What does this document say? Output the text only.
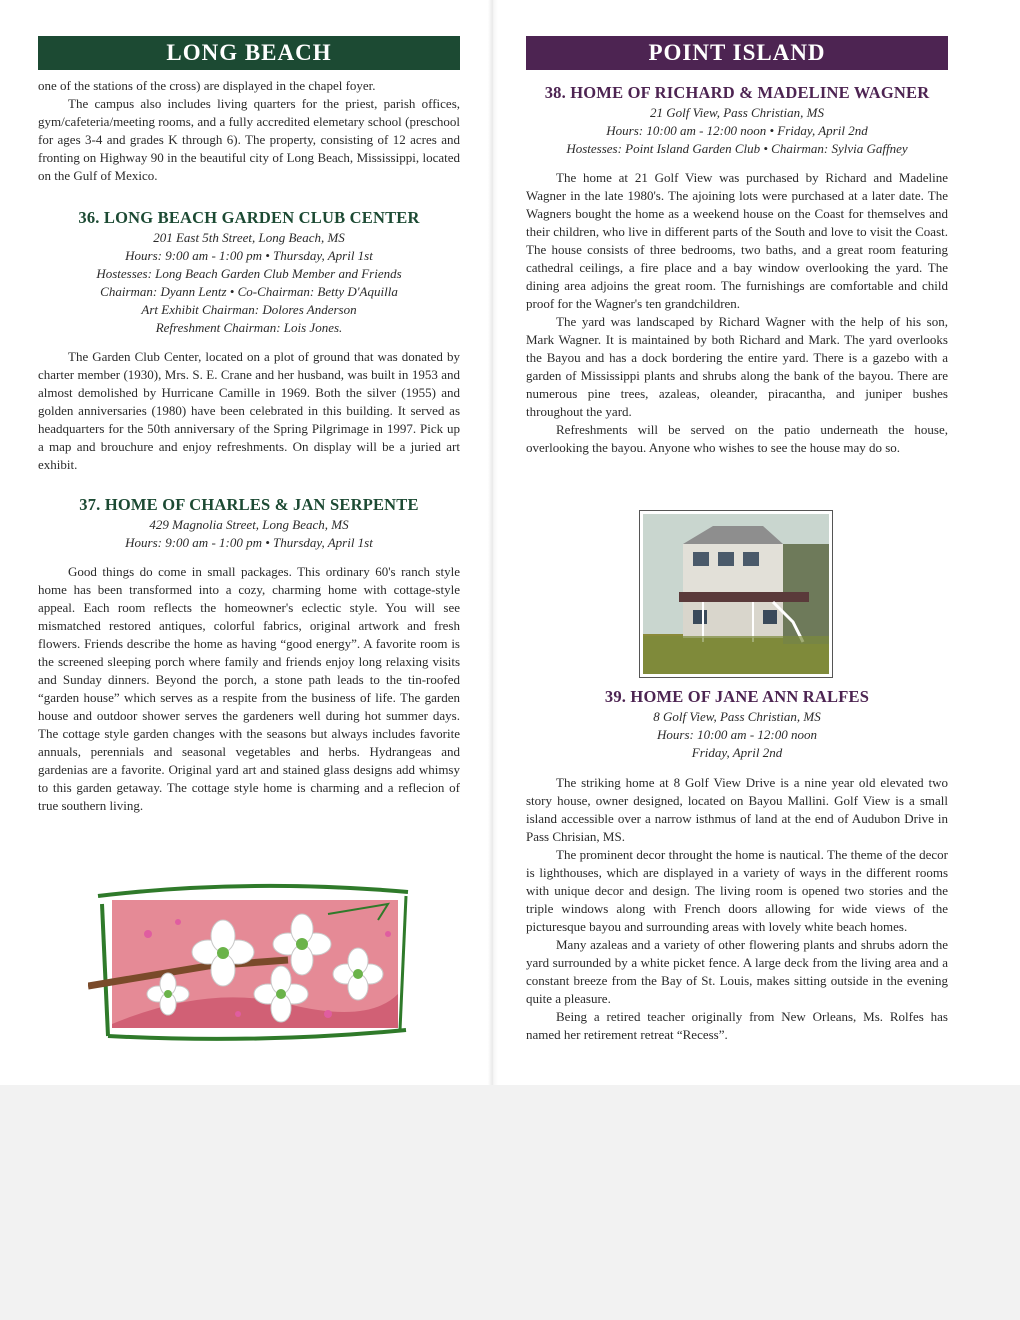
LONG BEACH

one of the stations of the cross) are displayed in the chapel foyer.

The campus also includes living quarters for the priest, parish offices, gym/cafeteria/meeting rooms, and a fully accredited elemetary school (preschool for ages 3-4 and grades K through 6). The property, consisting of 12 acres and fronting on Highway 90 in the beautiful city of Long Beach, Mississippi, located on the Gulf of Mexico.

36. LONG BEACH GARDEN CLUB CENTER
201 East 5th Street, Long Beach, MS
Hours: 9:00 am - 1:00 pm • Thursday, April 1st
Hostesses: Long Beach Garden Club Member and Friends
Chairman: Dyann Lentz • Co-Chairman: Betty D'Aquilla
Art Exhibit Chairman: Dolores Anderson
Refreshment Chairman: Lois Jones.

The Garden Club Center, located on a plot of ground that was donated by charter member (1930), Mrs. S. E. Crane and her husband, was built in 1953 and almost demolished by Hurricane Camille in 1969. Both the silver (1955) and golden anniversaries (1980) have been celebrated in this building. It served as headquarters for the 50th anniversary of the Spring Pilgrimage in 1997. Pick up a map and brouchure and enjoy refreshments. On display will be a juried art exhibit.

37. HOME OF CHARLES & JAN SERPENTE
429 Magnolia Street, Long Beach, MS
Hours: 9:00 am - 1:00 pm • Thursday, April 1st

Good things do come in small packages. This ordinary 60's ranch style home has been transformed into a cozy, charming home with cottage-style appeal. Each room reflects the homeowner's eclectic style. You will see mismatched restored antiques, colorful fabrics, original artwork and fresh flowers. Friends describe the home as having “good energy”. A favorite room is the screened sleeping porch where family and friends enjoy long relaxing visits and Sunday dinners. Beyond the porch, a stone path leads to the tin-roofed “garden house” which serves as a respite from the business of life. The garden house and outdoor shower serves the gardeners well during hot summer days. The cottage style garden changes with the seasons but always includes favorite annuals, perennials and seasonal vegetables and herbs. Hydrangeas and gardenias are a favorite. Original yard art and stained glass designs add whimsy to this garden getaway. The cottage style home is charming and a reflecion of true southern living.

POINT ISLAND
38. HOME OF RICHARD & MADELINE WAGNER
21 Golf View, Pass Christian, MS
Hours: 10:00 am - 12:00 noon • Friday, April 2nd
Hostesses: Point Island Garden Club • Chairman: Sylvia Gaffney

The home at 21 Golf View was purchased by Richard and Madeline Wagner in the late 1980's. The ajoining lots were purchased at a later date. The Wagners bought the home as a weekend house on the Coast for themselves and their children, who live in different parts of the South and love to visit the Coast. The house consists of three bedrooms, two baths, and a great room featuring cathedral ceilings, a fire place and a bay window overlooking the yard. The dining area adjoins the great room. The furnishings are comfortable and child proof for the Wagner's ten grandchildren.

The yard was landscaped by Richard Wagner with the help of his son, Mark Wagner. It is maintained by both Richard and Mark. The yard overlooks the Bayou and has a dock bordering the entire yard. There is a gazebo with a garden of Mississippi plants and shrubs along the bank of the bayou. There are numerous pine trees, azaleas, oleander, piracantha, and juniper bushes throughout the yard.

Refreshments will be served on the patio underneath the house, overlooking the bayou. Anyone who wishes to see the house may do so.

39. HOME OF JANE ANN RALFES
8 Golf View, Pass Christian, MS
Hours: 10:00 am - 12:00 noon
Friday, April 2nd

The striking home at 8 Golf View Drive is a nine year old elevated two story house, owner designed, located on Bayou Mallini. Golf View is a small island accessible over a narrow isthmus of land at the end of Audubon Drive in Pass Chrisian, MS.

The prominent decor throught the home is nautical. The theme of the decor is lighthouses, which are displayed in a variety of ways in the different rooms with unique decor and design. The living room is opened two stories and the triple windows along with French doors allowing for wide views of the picturesque bayou and surrounding areas with lovely white beach homes.

Many azaleas and a variety of other flowering plants and shrubs adorn the yard surrounded by a white picket fence. A large deck from the living area and a constant breeze from the Bay of St. Louis, makes sitting outside in the evening quite a pleasure.

Being a retired teacher originally from New Orleans, Ms. Rolfes has named her retirement retreat “Recess”.
